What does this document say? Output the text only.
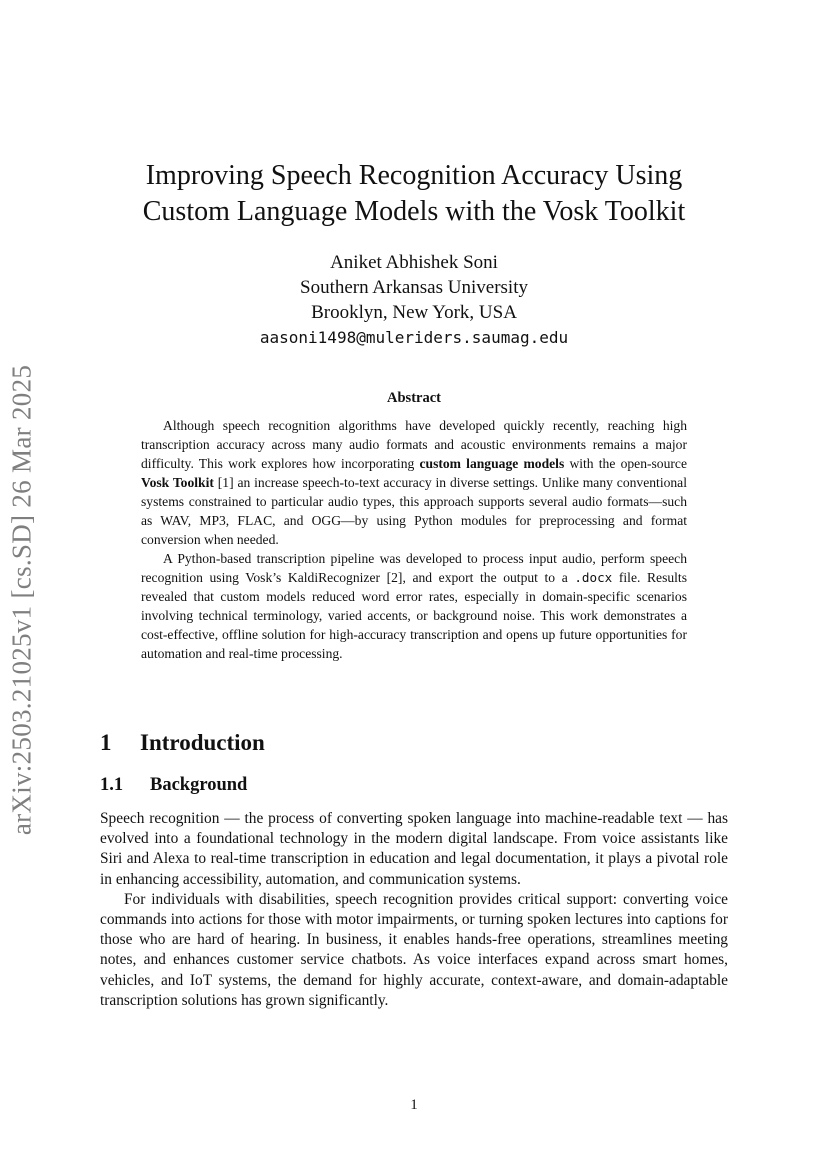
arXiv:2503.21025v1 [cs.SD] 26 Mar 2025
Improving Speech Recognition Accuracy Using
Custom Language Models with the Vosk Toolkit
Aniket Abhishek Soni
Southern Arkansas University
Brooklyn, New York, USA
aasoni1498@muleriders.saumag.edu
Abstract

Although speech recognition algorithms have developed quickly recently, reaching high transcription accuracy across many audio formats and acoustic environments remains a major difficulty. This work explores how incorporating custom language models with the open-source Vosk Toolkit [1] an increase speech-to-text accuracy in diverse settings. Unlike many conventional systems constrained to particular audio types, this approach supports several audio formats—such as WAV, MP3, FLAC, and OGG—by using Python modules for preprocessing and format conversion when needed.

A Python-based transcription pipeline was developed to process input audio, perform speech recognition using Vosk’s KaldiRecognizer [2], and export the output to a .docx file. Results revealed that custom models reduced word error rates, especially in domain-specific scenarios involving technical terminology, varied accents, or background noise. This work demonstrates a cost-effective, offline solution for high-accuracy transcription and opens up future opportunities for automation and real-time processing.

1 Introduction
1.1 Background

Speech recognition — the process of converting spoken language into machine-readable text — has evolved into a foundational technology in the modern digital landscape. From voice assistants like Siri and Alexa to real-time transcription in education and legal documentation, it plays a pivotal role in enhancing accessibility, automation, and communication systems.

For individuals with disabilities, speech recognition provides critical support: converting voice commands into actions for those with motor impairments, or turning spoken lectures into captions for those who are hard of hearing. In business, it enables hands-free operations, streamlines meeting notes, and enhances customer service chatbots. As voice interfaces expand across smart homes, vehicles, and IoT systems, the demand for highly accurate, context-aware, and domain-adaptable transcription solutions has grown significantly.

1
